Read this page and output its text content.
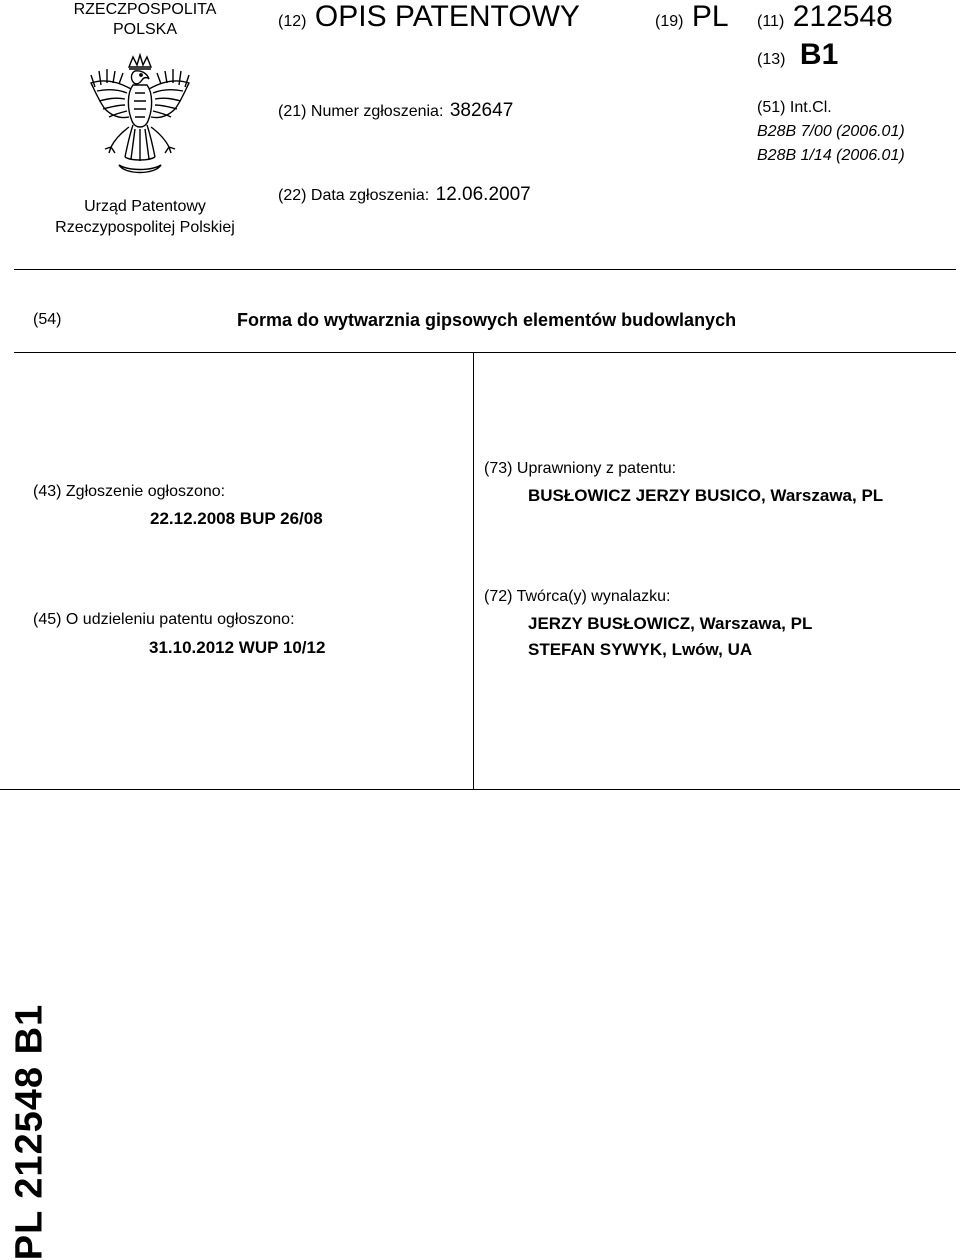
RZECZPOSPOLITA
POLSKA
Urząd Patentowy
Rzeczypospolitej Polskiej
(12) OPIS PATENTOWY	(19) PL
(21) Numer zgłoszenia: 382647
(22) Data zgłoszenia: 12.06.2007
(11) 212548
(13) B1
(51) Int.Cl.
B28B 7/00 (2006.01)
B28B 1/14 (2006.01)
(54)	Forma do wytwarznia gipsowych elementów budowlanych
(43) Zgłoszenie ogłoszono:
22.12.2008 BUP 26/08
(45) O udzieleniu patentu ogłoszono:
31.10.2012 WUP 10/12
(73) Uprawniony z patentu:
BUSŁOWICZ JERZY BUSICO, Warszawa, PL
(72) Twórca(y) wynalazku:
JERZY BUSŁOWICZ, Warszawa, PL
STEFAN SYWYK, Lwów, UA
PL 212548 B1
